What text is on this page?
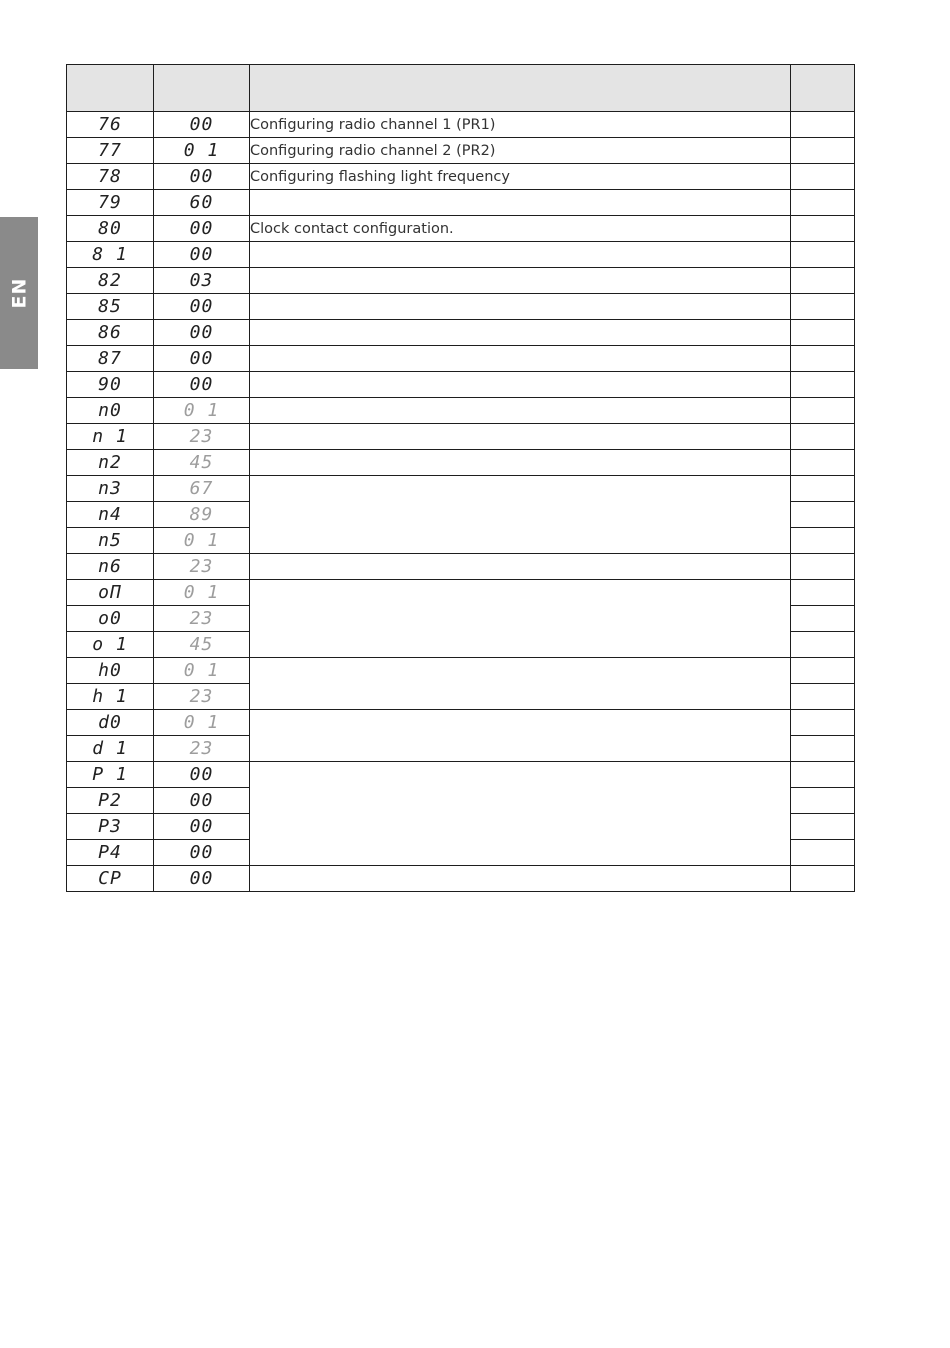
EN

76	00	Configuring radio channel 1 (PR1)	
77	0 1	Configuring radio channel 2 (PR2)	
78	00	Configuring flashing light frequency	
79	60		
80	00	Clock contact configuration.	
8 1	00		
82	03		
85	00		
86	00		
87	00		
90	00		
n0	0 1		
n 1	23		
n2	45		
n3	67		
n4	89		
n5	0 1		
n6	23		
oП	0 1		
o0	23		
o 1	45		
h0	0 1		
h 1	23		
d0	0 1		
d 1	23		
P 1	00		
P2	00		
P3	00		
P4	00		
CP	00		
